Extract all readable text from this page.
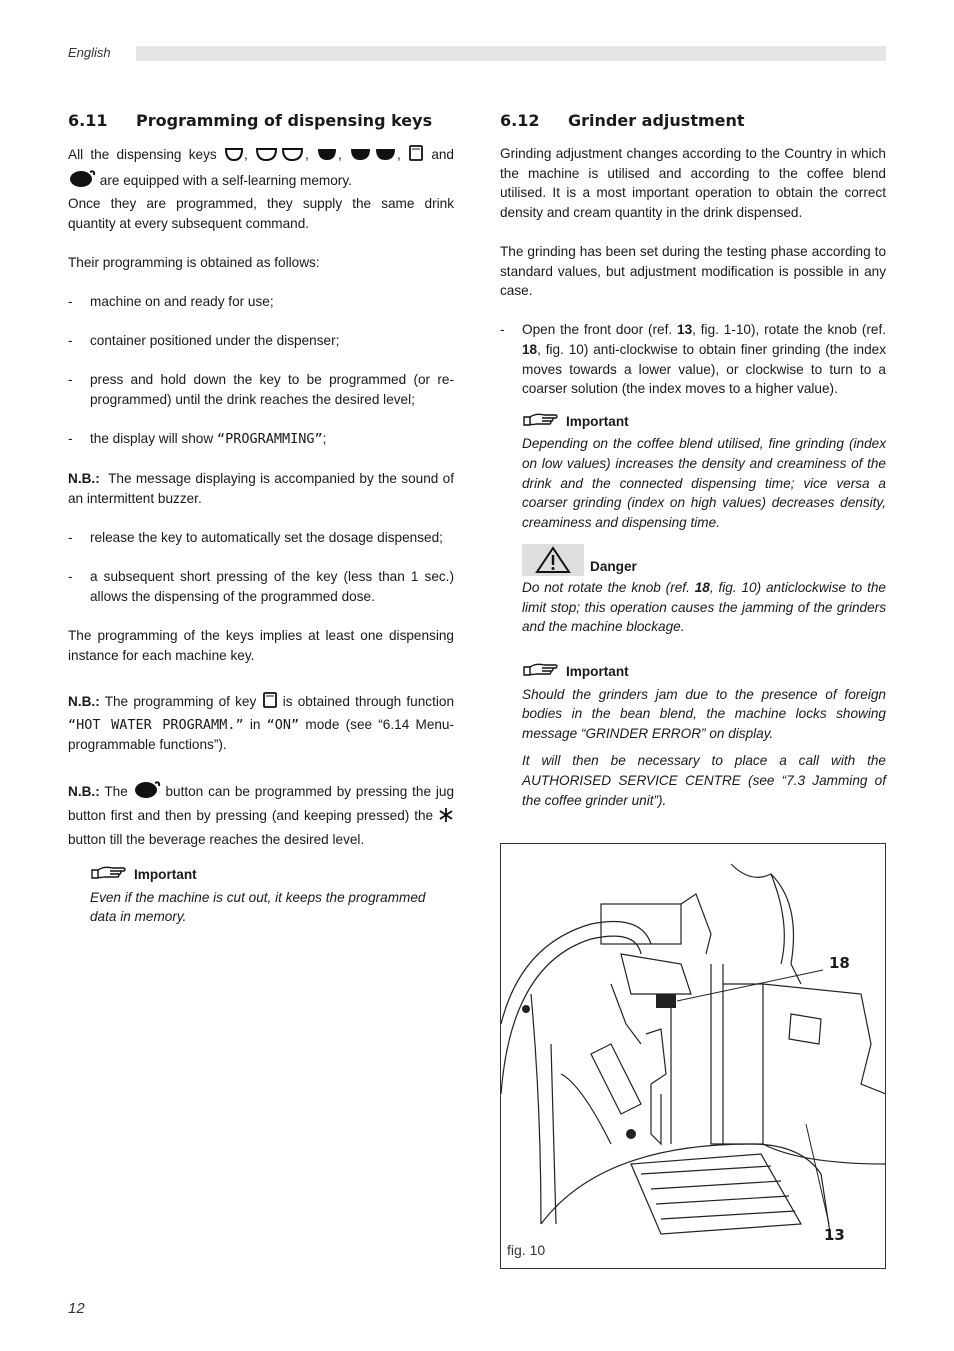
English
6.11 Programming of dispensing keys

All the dispensing keys ,	, ,	, and  are equipped with a self-learning memory.

Once they are programmed, they supply the same drink quantity at every subsequent command.

Their programming is obtained as follows:

- machine on and ready for use;
- container positioned under the dispenser;
- press and hold down the key to be programmed (or re-programmed) until the drink reaches the desired level;
- the display will show “PROGRAMMING”;

N.B.: The message displaying is accompanied by the sound of an intermittent buzzer.

- release the key to automatically set the dosage dispensed;
- a subsequent short pressing of the key (less than 1 sec.) allows the dispensing of the programmed dose.

The programming of the keys implies at least one dispensing instance for each machine key.

N.B.: The programming of key is obtained through function “HOT WATER PROGRAMM.” in “ON” mode (see “6.14 Menu-programmable functions”).

N.B.: The	button can be programmed by pressing the jug button first and then by pressing (and keeping pressed) the  button till the beverage reaches the desired level.

Important

Even if the machine is cut out, it keeps the programmed data in memory.

6.12 Grinder adjustment

Grinding adjustment changes according to the Country in which the machine is utilised and according to the coffee blend utilised. It is a most important operation to obtain the correct density and cream quantity in the drink dispensed.

The grinding has been set during the testing phase according to standard values, but adjustment modification is possible in any case.

- Open the front door (ref. 13, fig. 1-10), rotate the knob (ref. 18, fig. 10) anti-clockwise to obtain finer grinding (the index moves towards a lower value), or clockwise to turn to a coarser solution (the index moves to a higher value).
Important

Depending on the coffee blend utilised, fine grinding (index on low values) increases the density and creaminess of the drink and the connected dispensing time; vice versa a coarser grinding (index on high values) decreases density, creaminess and dispensing time.

Danger

Do not rotate the knob (ref. 18, fig. 10) anticlockwise to the limit stop; this operation causes the jamming of the grinders and the machine blockage.

Important

Should the grinders jam due to the presence of foreign bodies in the bean blend, the machine locks showing message “GRINDER ERROR” on display.

It will then be necessary to place a call with the AUTHORISED SERVICE CENTRE (see “7.3 Jamming of the coffee grinder unit”).

18
13
fig. 10
12
